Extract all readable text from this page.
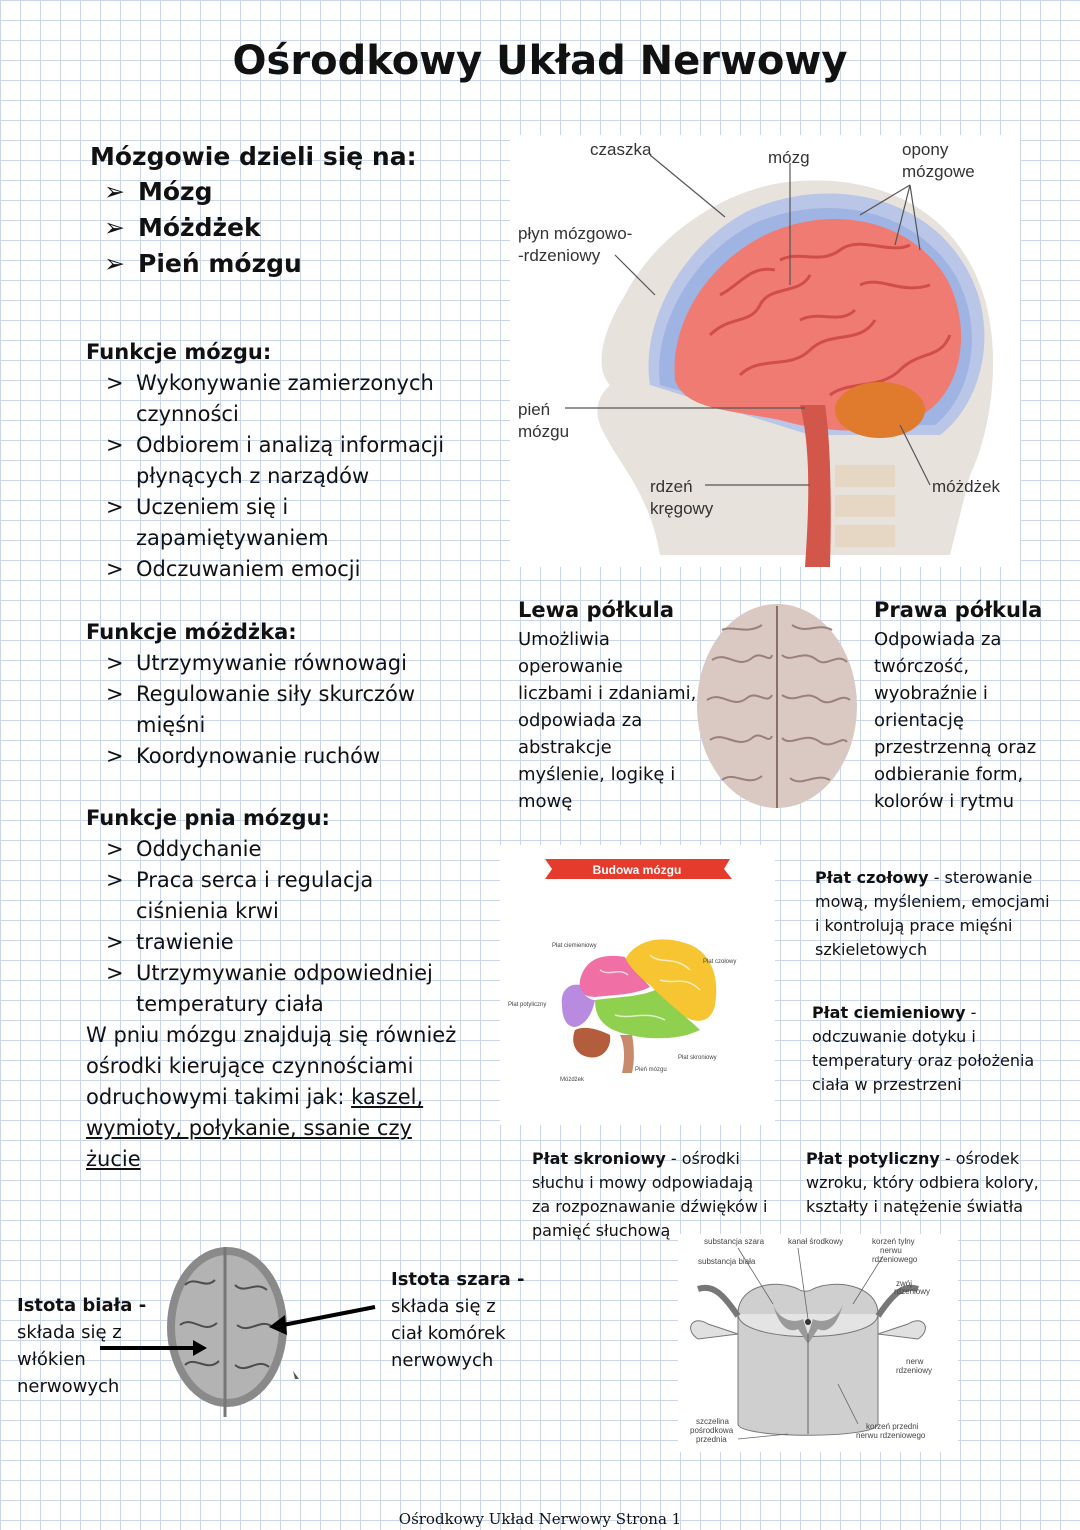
Ośrodkowy Układ Nerwowy
Mózgowie dzieli się na:
➢ Mózg
➢ Móżdżek
➢ Pień mózgu
Funkcje mózgu:
> Wykonywanie zamierzonych
czynności
> Odbiorem i analizą informacji
płynących z narządów
> Uczeniem się i
zapamiętywaniem
> Odczuwaniem emocji
Funkcje móżdżka:
> Utrzymywanie równowagi
> Regulowanie siły skurczów
mięśni
> Koordynowanie ruchów
Funkcje pnia mózgu:
> Oddychanie
> Praca serca i regulacja
ciśnienia krwi
> trawienie
> Utrzymywanie odpowiedniej
temperatury ciała
W pniu mózgu znajdują się również
ośrodki kierujące czynnościami
odruchowymi takimi jak: kaszel,
wymioty, połykanie, ssanie czy
żucie
czaszka	mózg	opony
mózgowe
płyn mózgowo-
-rdzeniowy
pień
mózgu
rdzeń
kręgowy
móżdżek
Lewa półkula
Umożliwia
operowanie
liczbami i zdaniami,
odpowiada za
abstrakcje
myślenie, logikę i
mowę
Prawa półkula
Odpowiada za
twórczość,
wyobraźnie i
orientację
przestrzenną oraz
odbieranie form,
kolorów i rytmu
Budowa mózgu
Płat ciemieniowy
Płat czołowy
Płat potyliczny
Płat skroniowy
Pień mózgu
Móżdżek
Płat czołowy - sterowanie
mową, myśleniem, emocjami
i kontrolują prace mięśni
szkieletowych
Płat ciemieniowy -
odczuwanie dotyku i
temperatury oraz położenia
ciała w przestrzeni
Płat skroniowy - ośrodki
słuchu i mowy odpowiadają
za rozpoznawanie dźwięków i
pamięć słuchową
Płat potyliczny - ośrodek
wzroku, który odbiera kolory,
kształty i natężenie światła
substancja szara
substancja biała
kanał środkowy	korzeń tylny
nerwu
rdzeniowego
zwój
rdzeniowy
nerw
rdzeniowy
szczelina
pośrodkowa
przednia
korzeń przedni
nerwu rdzeniowego
Istota biała -
składa się z
włókien
nerwowych
Istota szara -
składa się z
ciał komórek
nerwowych
Ośrodkowy Układ Nerwowy Strona 1
